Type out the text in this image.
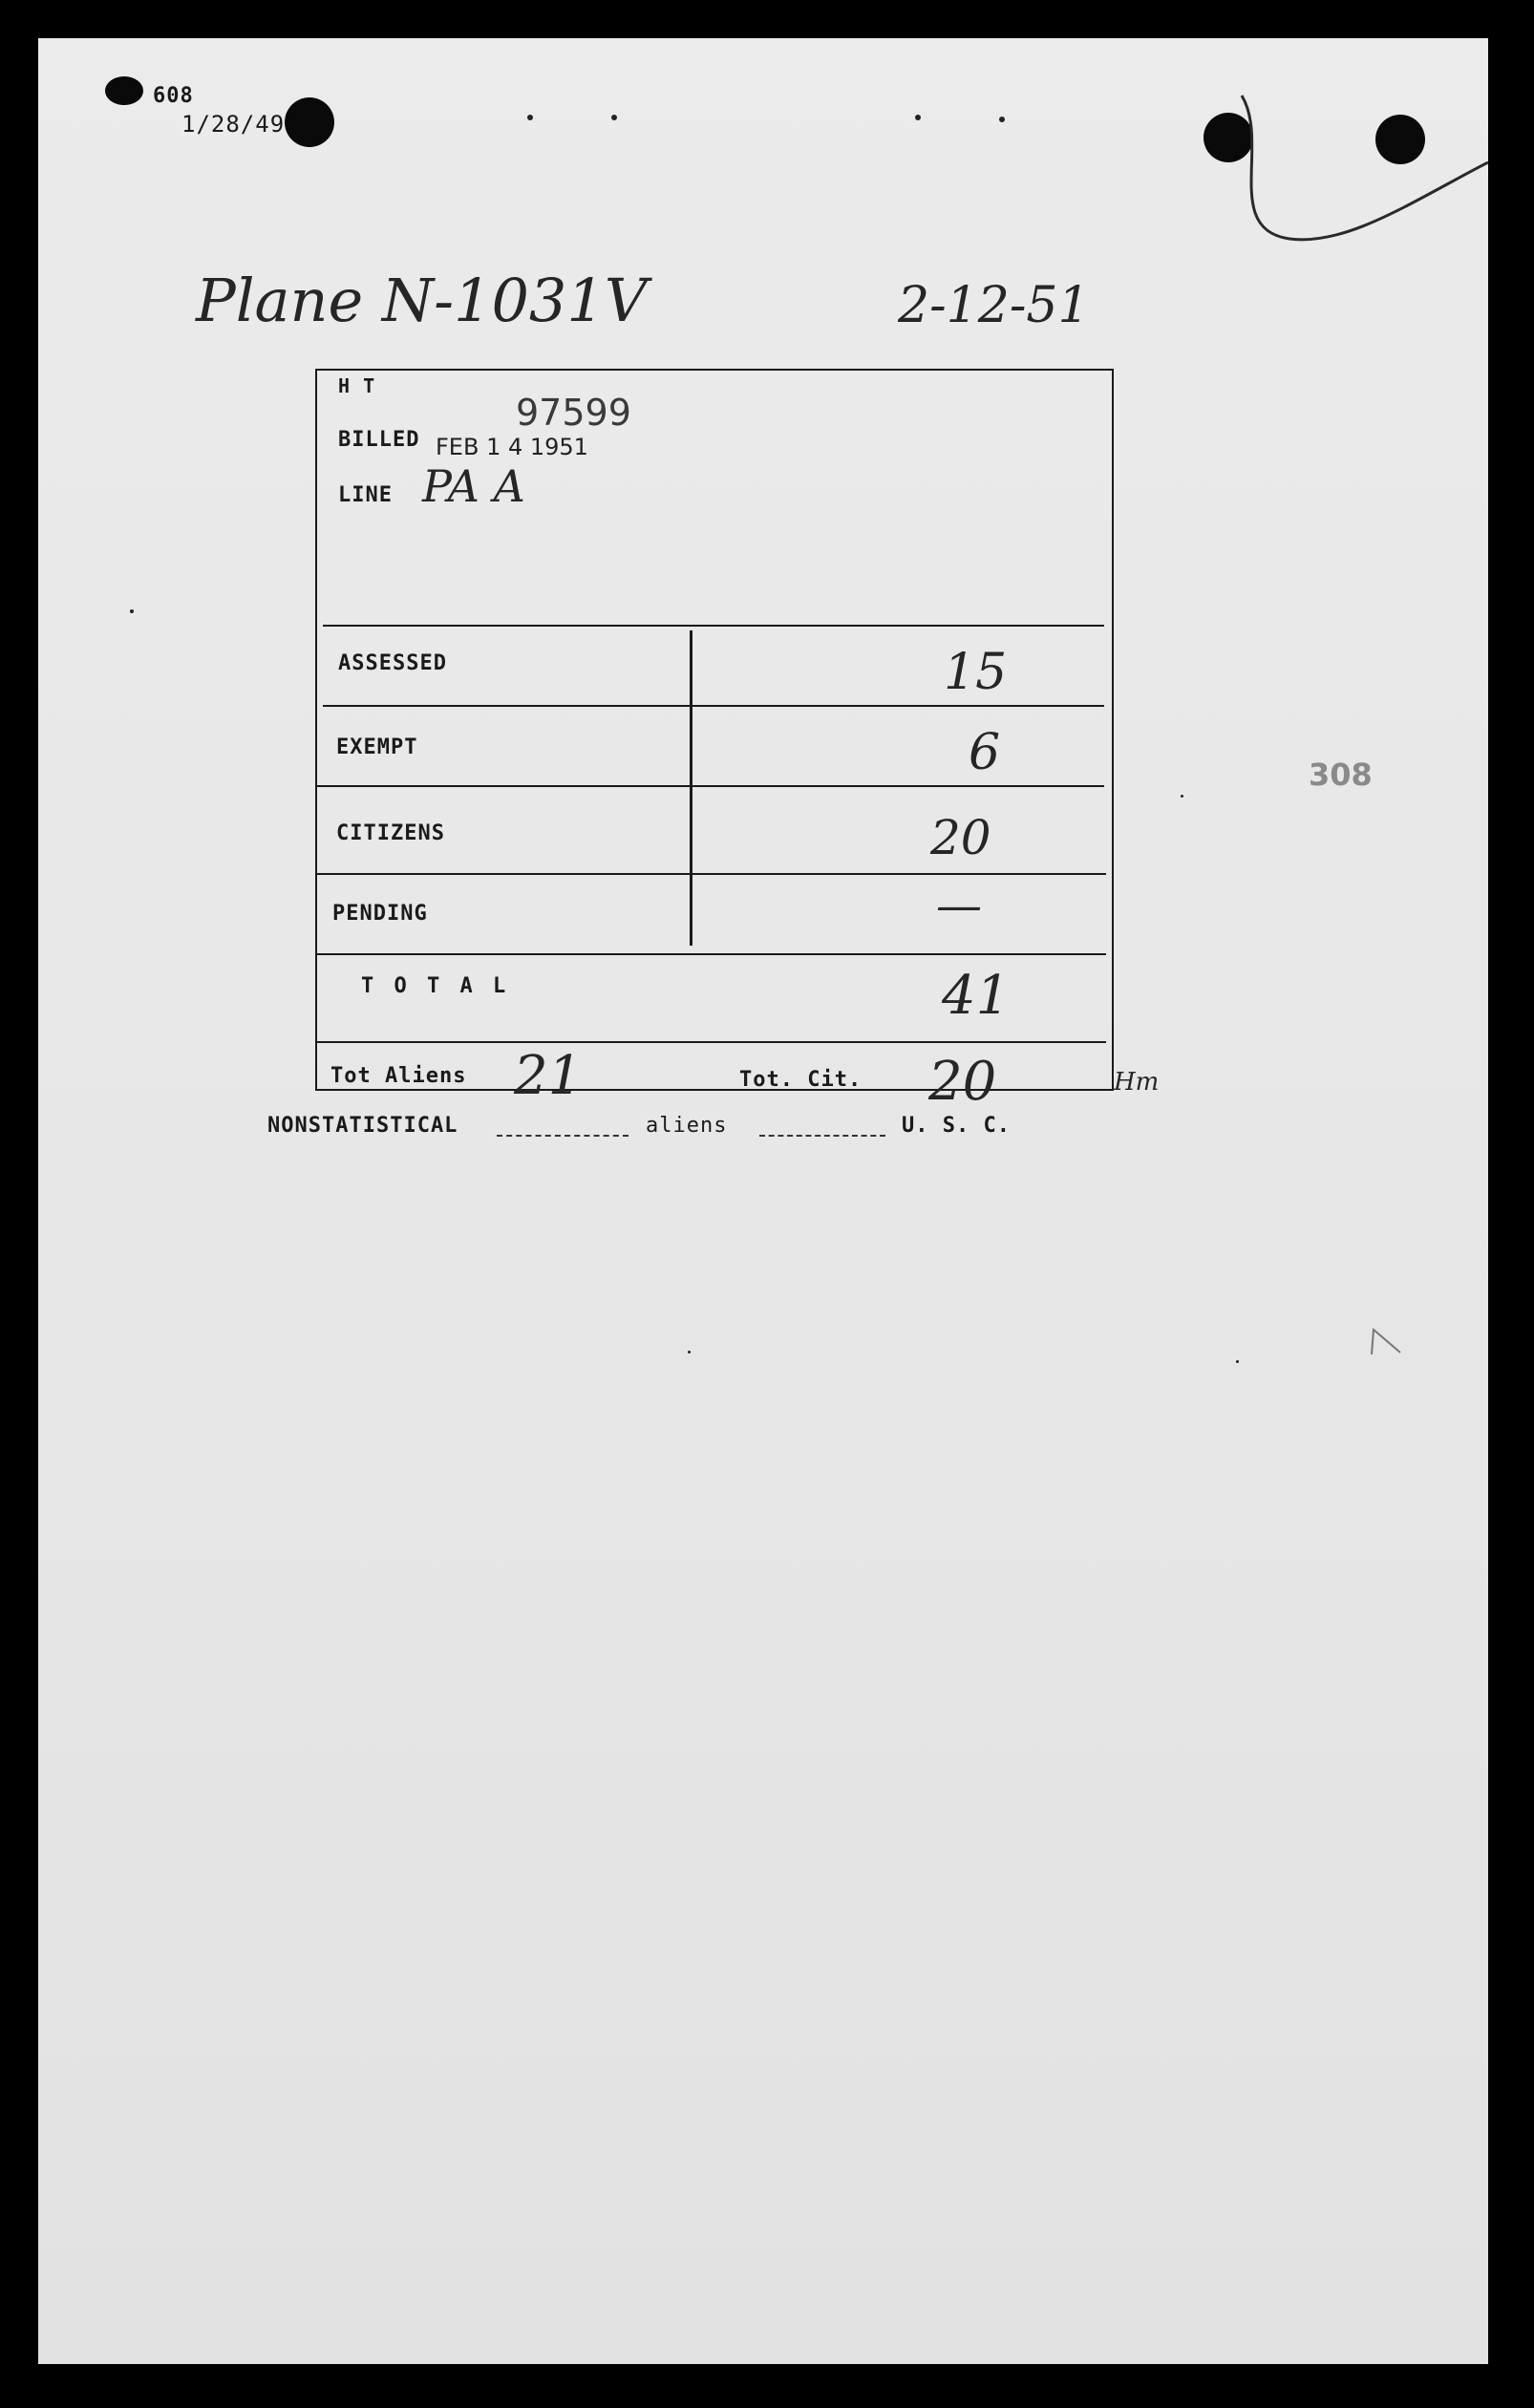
608
1/28/49
Plane N-1031V	2-12-51
308
H T
97599
BILLED FEB 1 4 1951
LINE PA A
ASSESSED	15
EXEMPT	6
CITIZENS	20
PENDING	—
T O T A L	41
Tot Aliens 21	Tot. Cit. 20	Hm
NONSTATISTICAL	aliens	U. S. C.
